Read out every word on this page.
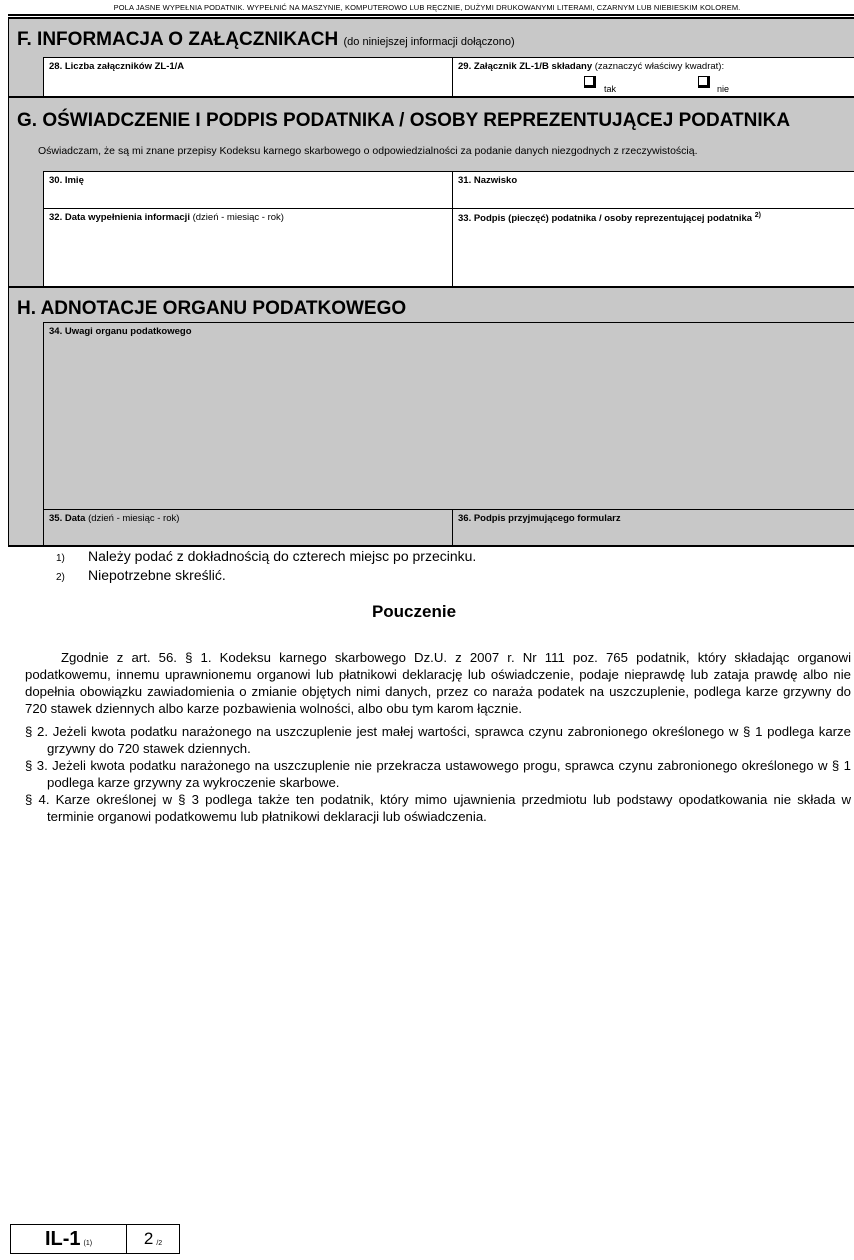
POLA JASNE WYPEŁNIA PODATNIK. WYPEŁNIĆ NA MASZYNIE, KOMPUTEROWO LUB RĘCZNIE, DUŻYMI DRUKOWANYMI LITERAMI, CZARNYM LUB NIEBIESKIM KOLOREM.
F. INFORMACJA O ZAŁĄCZNIKACH (do niniejszej informacji dołączono)
28. Liczba załączników ZL-1/A	29. Załącznik ZL-1/B składany (zaznaczyć właściwy kwadrat):
tak	nie
G. OŚWIADCZENIE I PODPIS PODATNIKA / OSOBY REPREZENTUJĄCEJ PODATNIKA
Oświadczam, że są mi znane przepisy Kodeksu karnego skarbowego o odpowiedzialności za podanie danych niezgodnych z rzeczywistością.
30. Imię	31. Nazwisko
32. Data wypełnienia informacji (dzień - miesiąc - rok)	33. Podpis (pieczęć) podatnika / osoby reprezentującej podatnika $^{2)}$
H. ADNOTACJE ORGANU PODATKOWEGO
34. Uwagi organu podatkowego
35. Data (dzień - miesiąc - rok)	36. Podpis przyjmującego formularz
1) Należy podać z dokładnością do czterech miejsc po przecinku.
2) Niepotrzebne skreślić.
Pouczenie
Zgodnie z art. 56. § 1. Kodeksu karnego skarbowego Dz.U. z 2007 r. Nr 111 poz. 765 podatnik, który składając organowi podatkowemu, innemu uprawnionemu organowi lub płatnikowi deklarację lub oświadczenie, podaje nieprawdę lub zataja prawdę albo nie dopełnia obowiązku zawiadomienia o zmianie objętych nimi danych, przez co naraża podatek na uszczuplenie, podlega karze grzywny do 720 stawek dziennych albo karze pozbawienia wolności, albo obu tym karom łącznie.
§ 2. Jeżeli kwota podatku narażonego na uszczuplenie jest małej wartości, sprawca czynu zabronionego określonego w § 1 podlega karze grzywny do 720 stawek dziennych.
§ 3. Jeżeli kwota podatku narażonego na uszczuplenie nie przekracza ustawowego progu, sprawca czynu zabronionego określonego w § 1 podlega karze grzywny za wykroczenie skarbowe.
§ 4. Karze określonej w § 3 podlega także ten podatnik, który mimo ujawnienia przedmiotu lub podstawy opodatkowania nie składa w terminie organowi podatkowemu lub płatnikowi deklaracji lub oświadczenia.
IL-1 (1)	2 /2
